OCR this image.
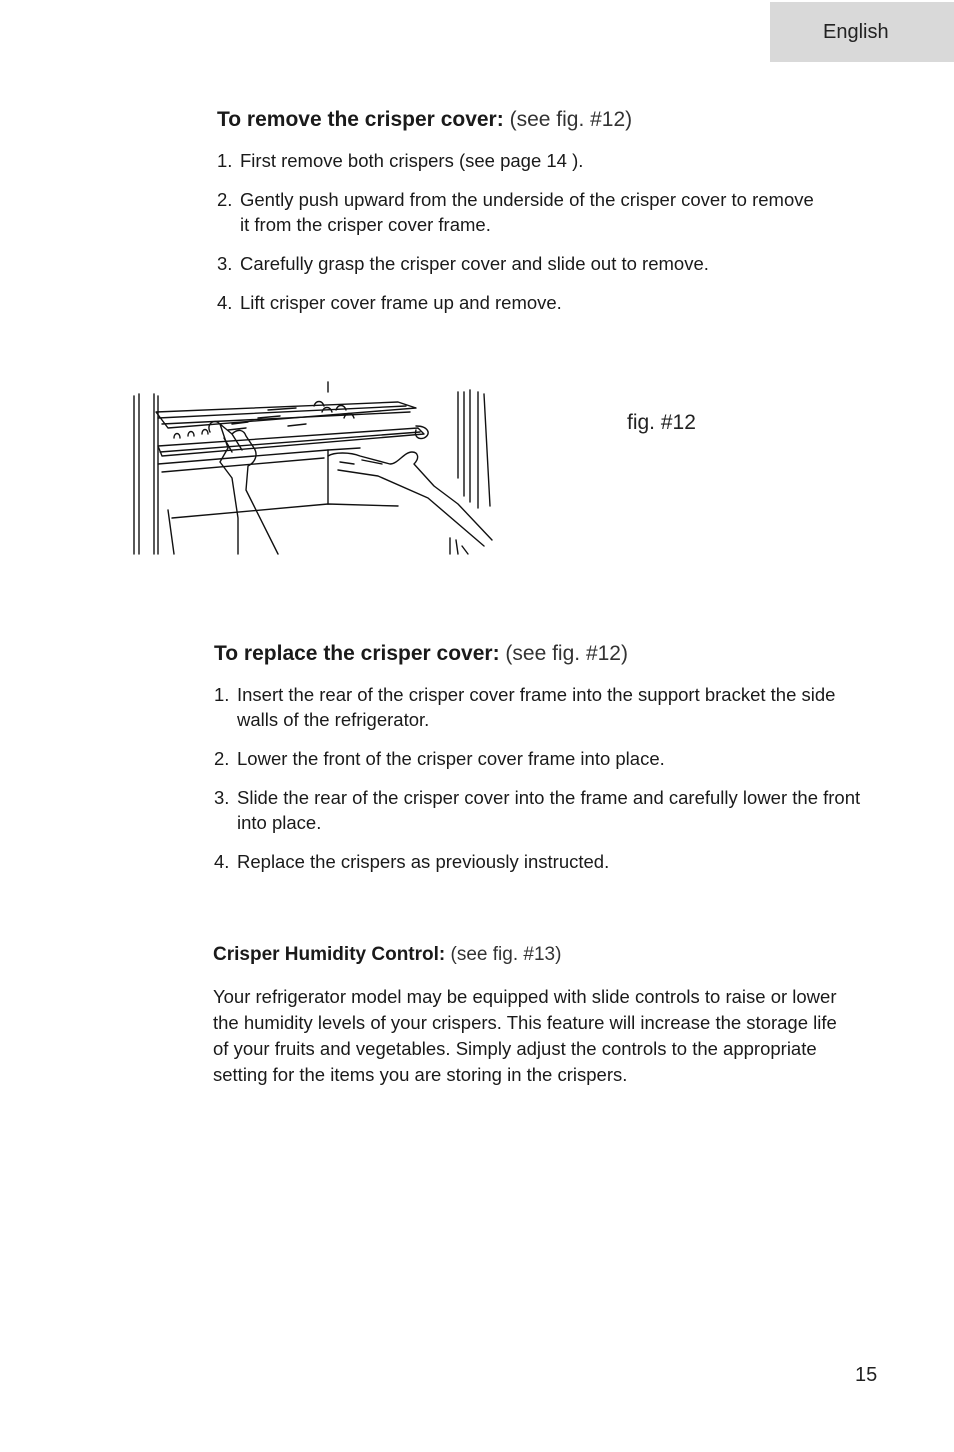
English

To remove the crisper cover: (see fig. #12)

1. First remove both crispers (see page 14 ).
2. Gently push upward from the underside of the crisper cover to remove it from the crisper cover frame.
3. Carefully grasp the crisper cover and slide out to remove.
4. Lift crisper cover frame up and remove.
fig. #12

To replace the crisper cover: (see fig. #12)

1. Insert the rear of the crisper cover frame into the support bracket the side walls of the refrigerator.
2. Lower the front of the crisper cover frame into place.
3. Slide the rear of the crisper cover into the frame and carefully lower the front into place.
4. Replace the crispers as previously instructed.

Crisper Humidity Control: (see fig. #13)

Your refrigerator model may be equipped with slide controls to raise or lower the humidity levels of your crispers. This feature will increase the storage life of your fruits and vegetables. Simply adjust the controls to the appropriate setting for the items you are storing in the crispers.

15
